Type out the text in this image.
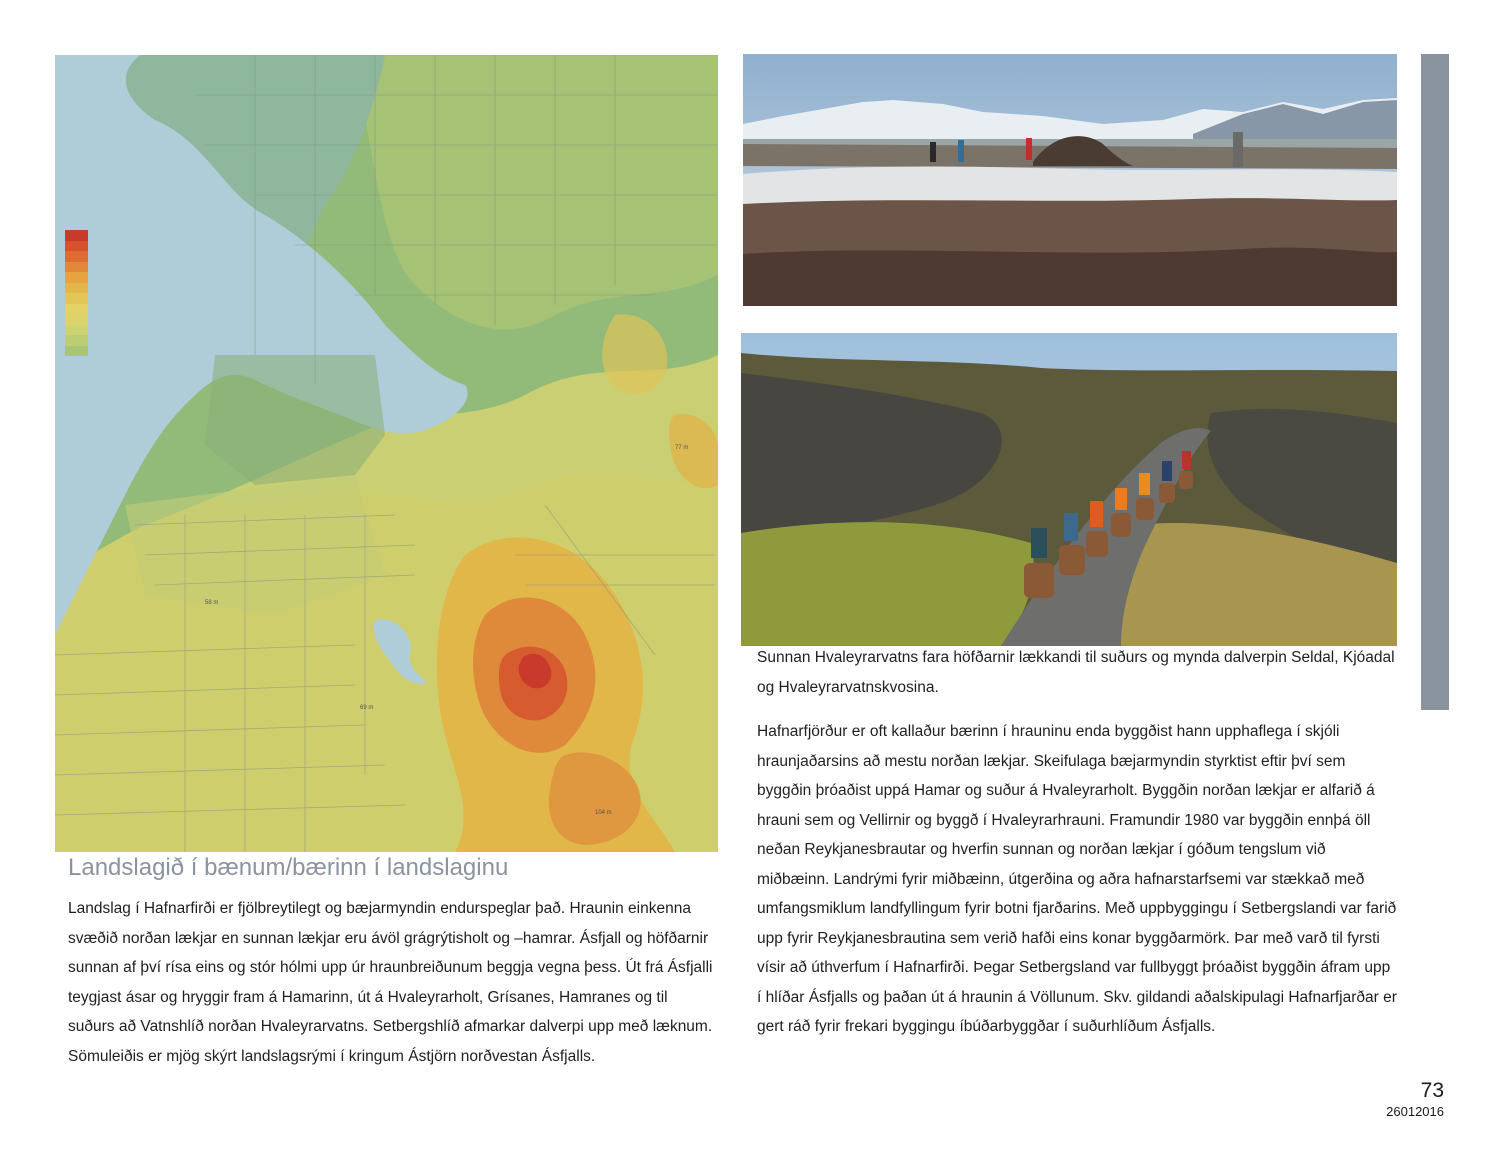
77 m
69 m
104 m
58 m
Landslagið í bænum/bærinn í landslaginu

Landslag í Hafnarfirði er fjölbreytilegt og bæjarmyndin endurspeglar það. Hraunin einkenna svæðið norðan lækjar en sunnan lækjar eru ávöl grágrýtisholt og –hamrar. Ásfjall og höfðarnir sunnan af því rísa eins og stór hólmi upp úr hraunbreiðunum beggja vegna þess. Út frá Ásfjalli teygjast ásar og hryggir fram á Hamarinn, út á Hvaleyrarholt, Grísanes, Hamranes og til suðurs að Vatnshlíð norðan Hvaleyrarvatns. Setbergshlíð afmarkar dalverpi upp með læknum. Sömuleiðis er mjög skýrt landslagsrými í kringum Ástjörn norðvestan Ásfjalls.

Sunnan Hvaleyrarvatns fara höfðarnir lækkandi til suðurs og mynda dalverpin Seldal, Kjóadal og Hvaleyrarvatnskvosina.

Hafnarfjörður er oft kallaður bærinn í hrauninu enda byggðist hann upphaflega í skjóli hraunjaðarsins að mestu norðan lækjar. Skeifulaga bæjarmyndin styrktist eftir því sem byggðin þróaðist uppá Hamar og suður á Hvaleyrarholt. Byggðin norðan lækjar er alfarið á hrauni sem og Vellirnir og byggð í Hvaleyrarhrauni. Framundir 1980 var byggðin ennþá öll neðan Reykjanesbrautar og hverfin sunnan og norðan lækjar í góðum tengslum við miðbæinn. Landrými fyrir miðbæinn, útgerðina og aðra hafnarstarfsemi var stækkað með umfangsmiklum landfyllingum fyrir botni fjarðarins. Með uppbyggingu í Setbergslandi var farið upp fyrir Reykjanesbrautina sem verið hafði eins konar byggðarmörk. Þar með varð til fyrsti vísir að úthverfum í Hafnarfirði. Þegar Setbergsland var fullbyggt þróaðist byggðin áfram upp í hlíðar Ásfjalls og þaðan út á hraunin á Völlunum. Skv. gildandi aðalskipulagi Hafnarfjarðar er gert ráð fyrir frekari byggingu íbúðarbyggðar í suðurhlíðum Ásfjalls.

73
26012016
